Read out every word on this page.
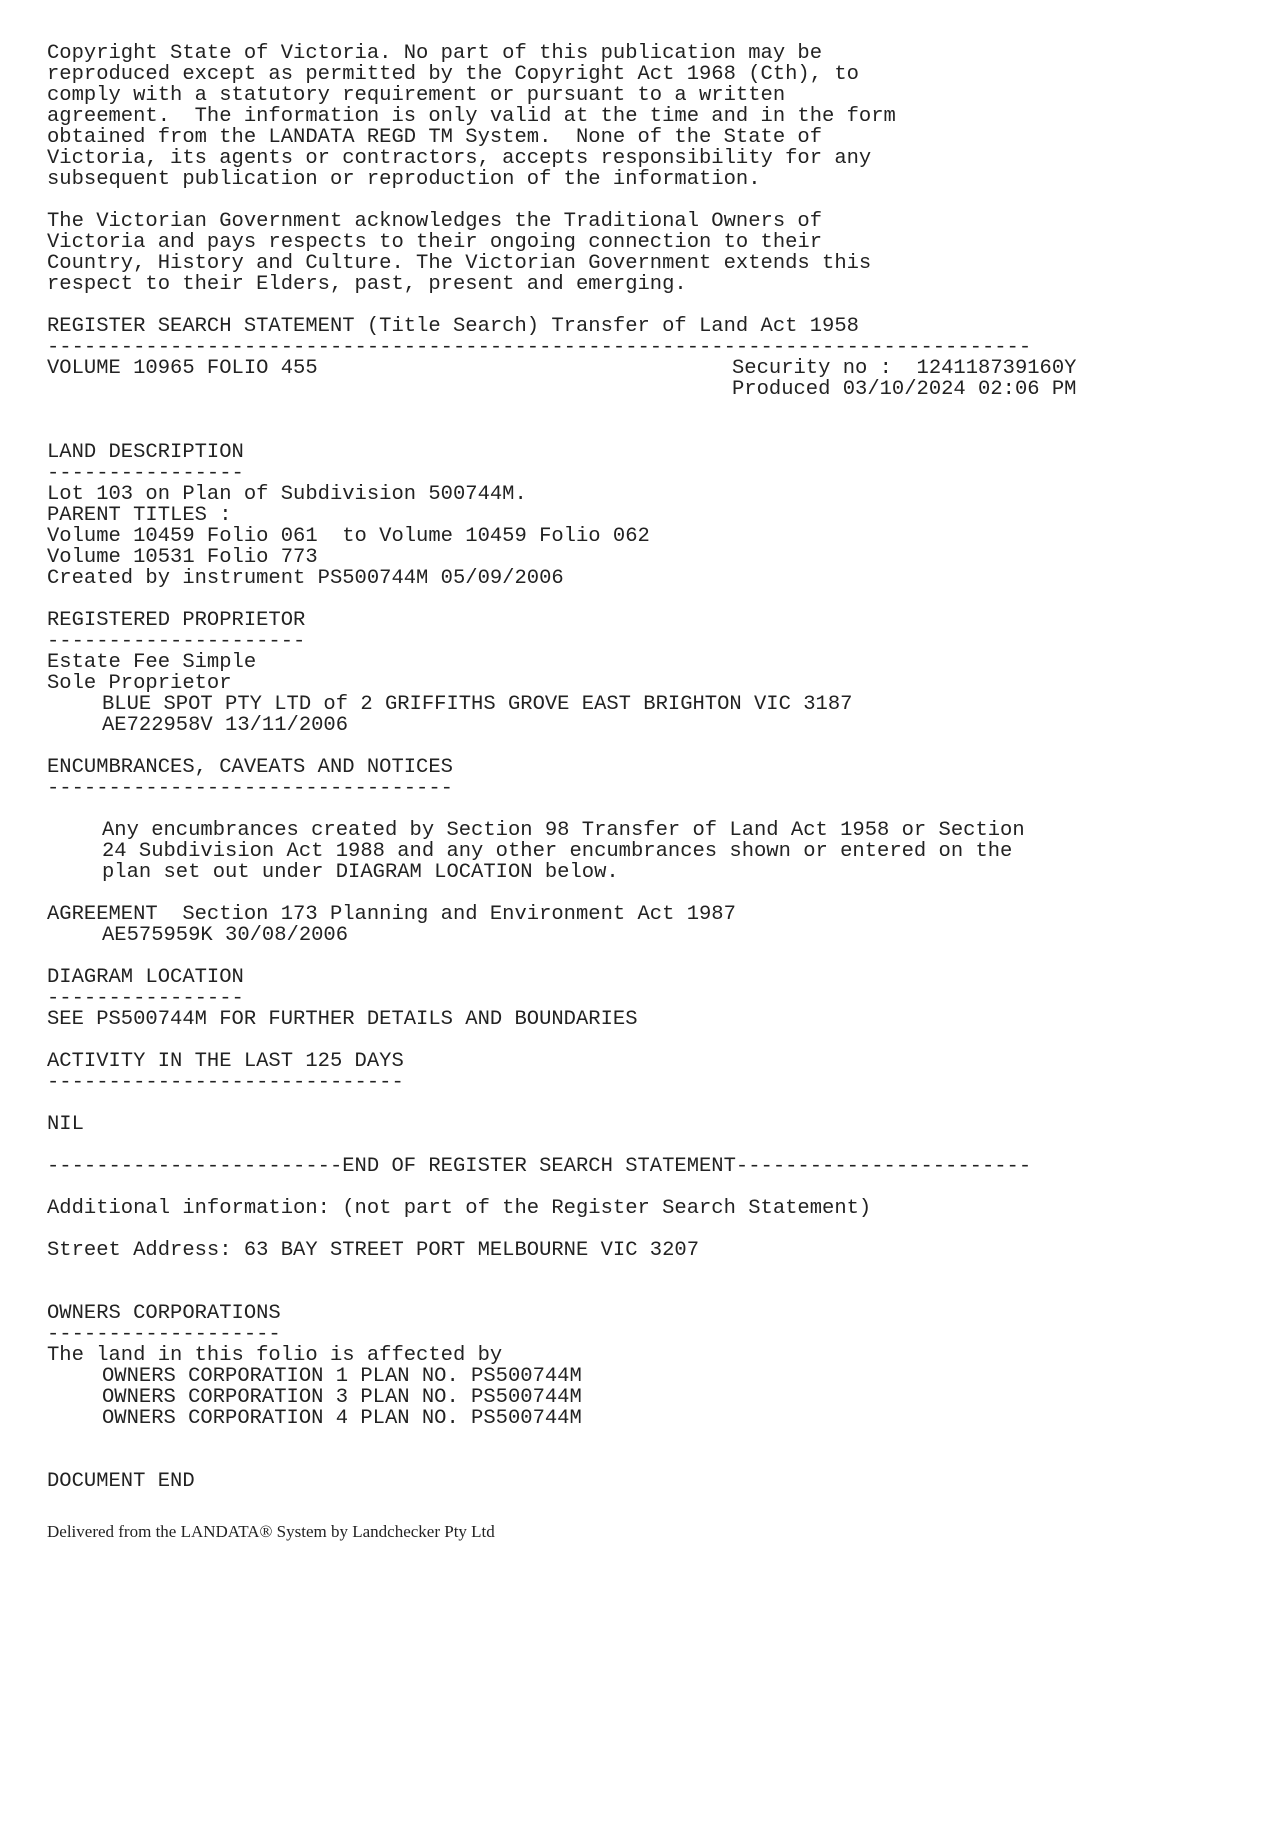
Copyright State of Victoria. No part of this publication may be
reproduced except as permitted by the Copyright Act 1968 (Cth), to
comply with a statutory requirement or pursuant to a written
agreement.  The information is only valid at the time and in the form
obtained from the LANDATA REGD TM System.  None of the State of
Victoria, its agents or contractors, accepts responsibility for any
subsequent publication or reproduction of the information.
The Victorian Government acknowledges the Traditional Owners of
Victoria and pays respects to their ongoing connection to their
Country, History and Culture. The Victorian Government extends this
respect to their Elders, past, present and emerging.
REGISTER SEARCH STATEMENT (Title Search) Transfer of Land Act 1958
--------------------------------------------------------------------------------
VOLUME 10965 FOLIO 455	Security no :  124118739160Y
Produced 03/10/2024 02:06 PM
LAND DESCRIPTION
----------------
Lot 103 on Plan of Subdivision 500744M.
PARENT TITLES :
Volume 10459 Folio 061  to Volume 10459 Folio 062
Volume 10531 Folio 773
Created by instrument PS500744M 05/09/2006
REGISTERED PROPRIETOR
---------------------
Estate Fee Simple
Sole Proprietor
BLUE SPOT PTY LTD of 2 GRIFFITHS GROVE EAST BRIGHTON VIC 3187
AE722958V 13/11/2006
ENCUMBRANCES, CAVEATS AND NOTICES
---------------------------------
Any encumbrances created by Section 98 Transfer of Land Act 1958 or Section
24 Subdivision Act 1988 and any other encumbrances shown or entered on the
plan set out under DIAGRAM LOCATION below.
AGREEMENT  Section 173 Planning and Environment Act 1987
AE575959K 30/08/2006
DIAGRAM LOCATION
----------------
SEE PS500744M FOR FURTHER DETAILS AND BOUNDARIES
ACTIVITY IN THE LAST 125 DAYS
-----------------------------
NIL
------------------------END OF REGISTER SEARCH STATEMENT------------------------
Additional information: (not part of the Register Search Statement)
Street Address: 63 BAY STREET PORT MELBOURNE VIC 3207
OWNERS CORPORATIONS
-------------------
The land in this folio is affected by
OWNERS CORPORATION 1 PLAN NO. PS500744M
OWNERS CORPORATION 3 PLAN NO. PS500744M
OWNERS CORPORATION 4 PLAN NO. PS500744M
DOCUMENT END
Delivered from the LANDATA® System by Landchecker Pty Ltd
